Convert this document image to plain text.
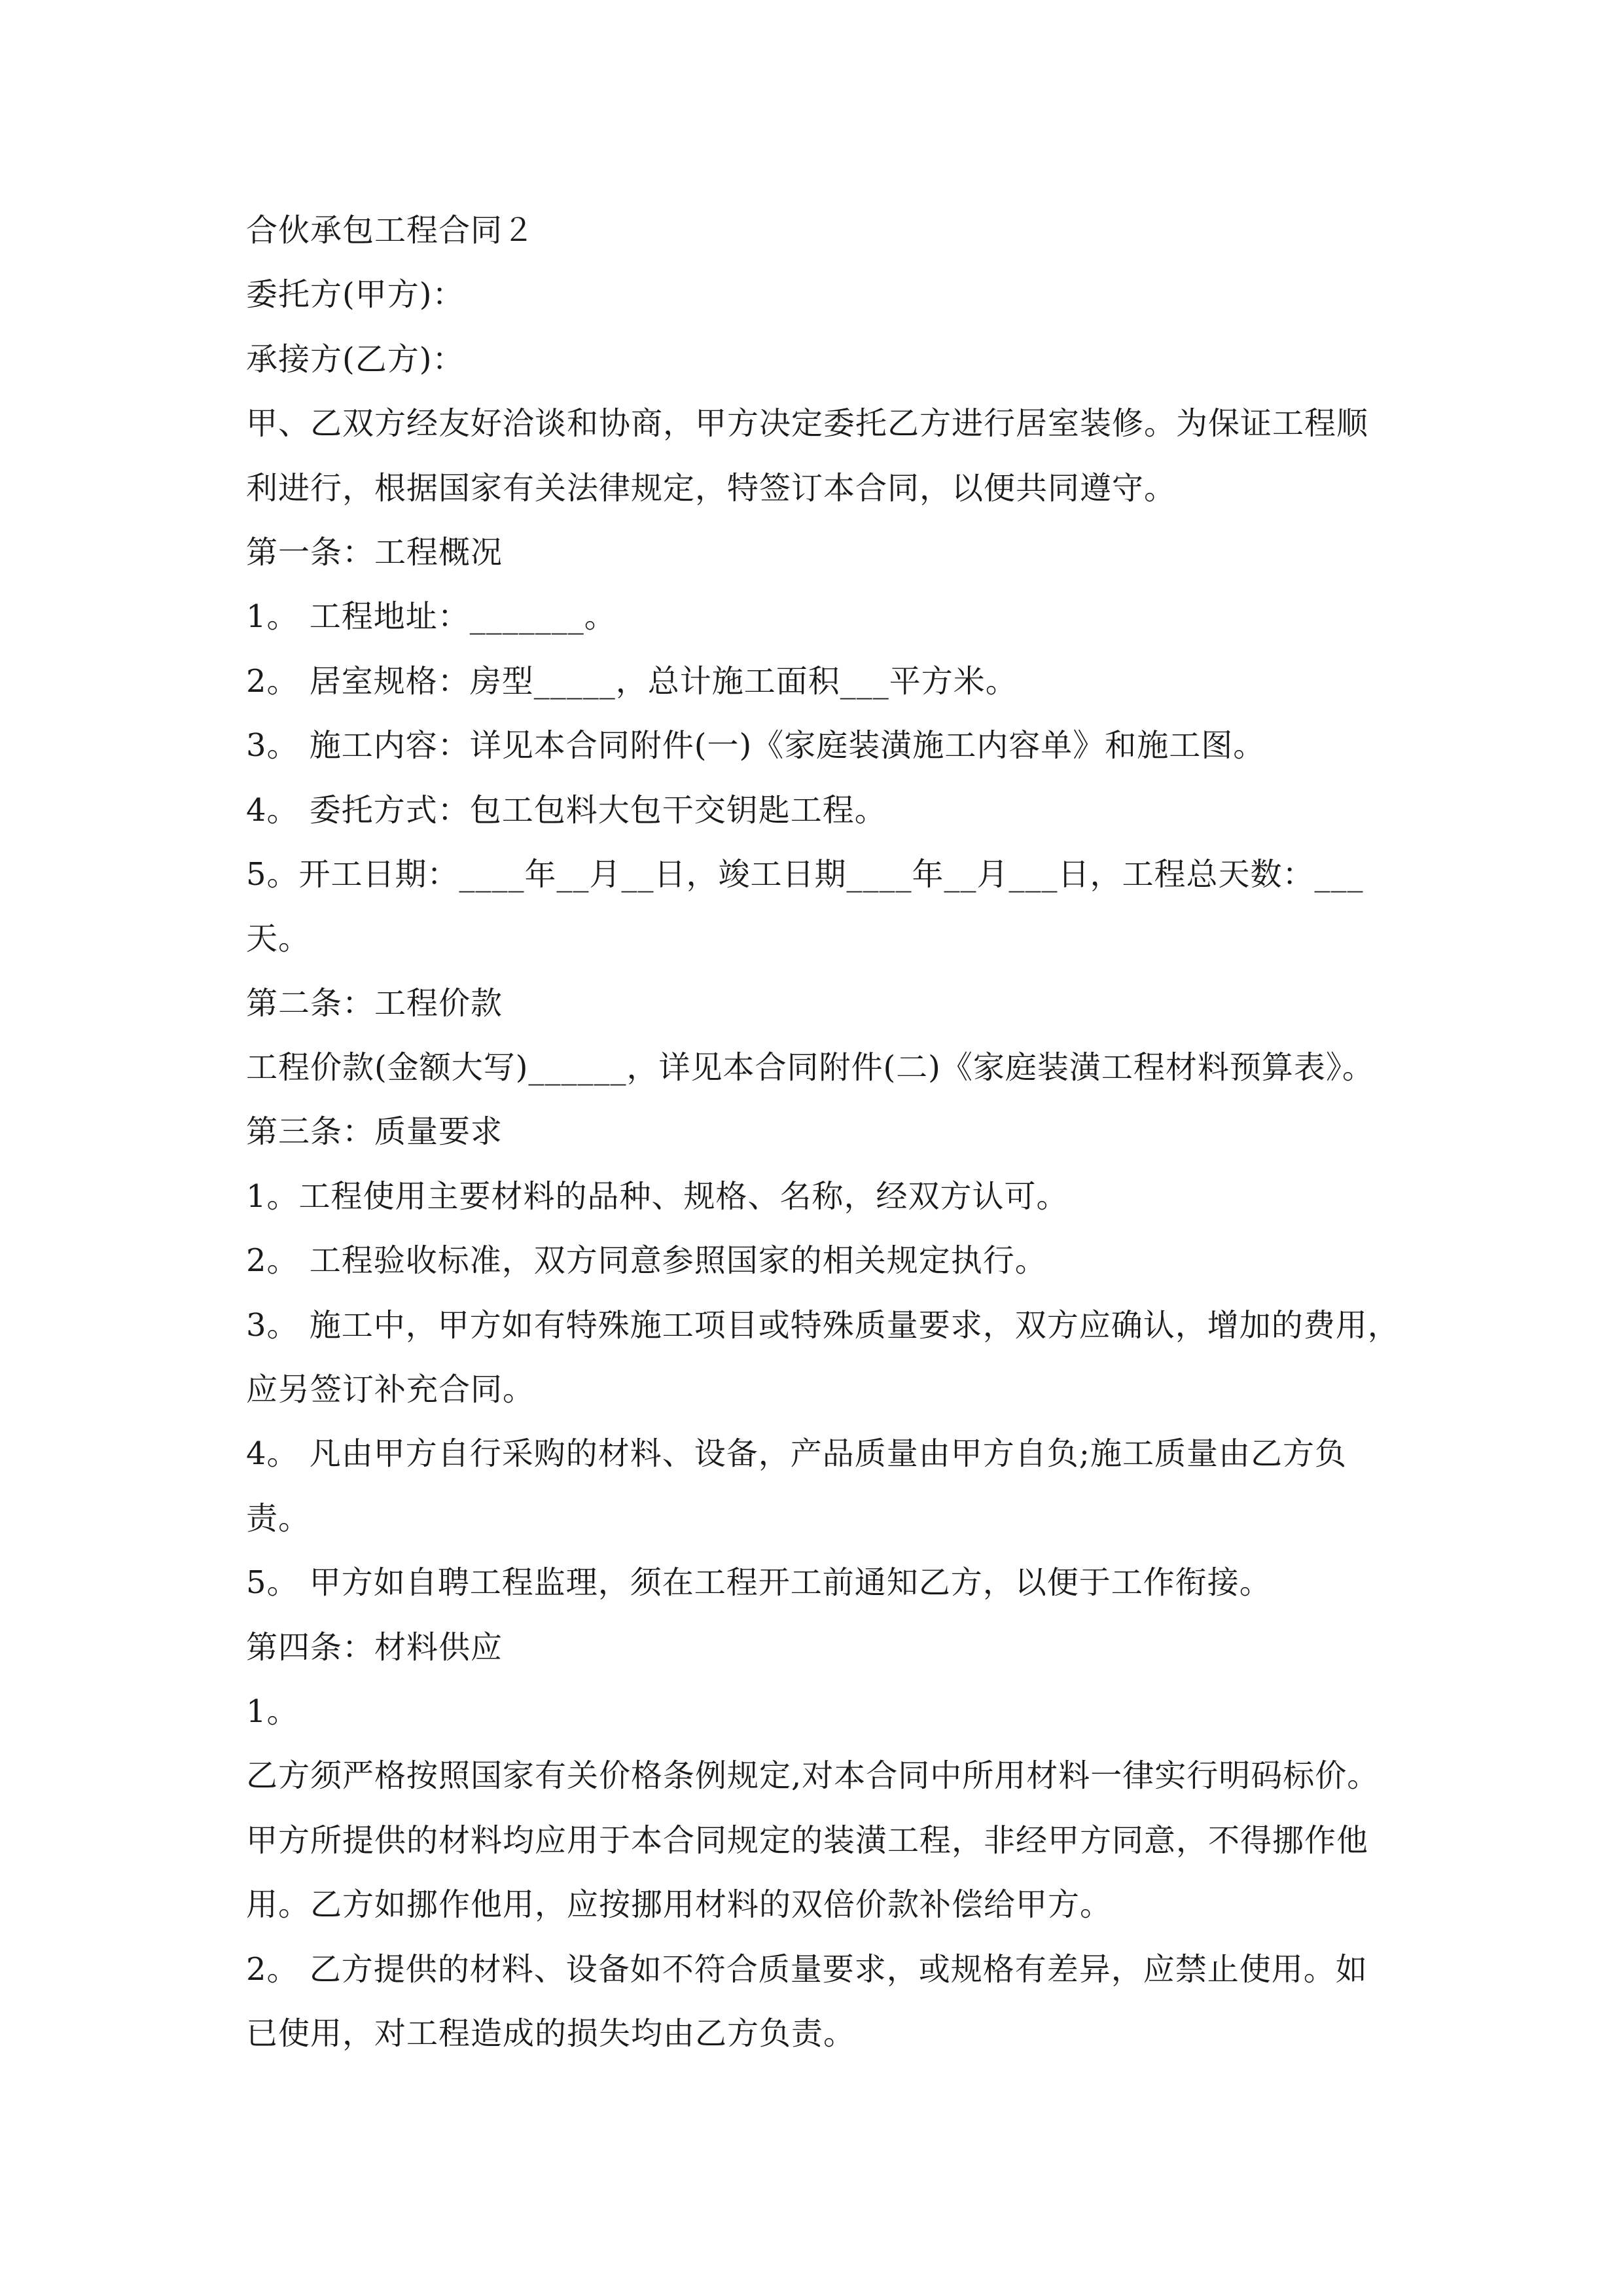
合伙承包工程合同２
委托方(甲方)：
承接方(乙方)：
甲、乙双方经友好洽谈和协商，甲方决定委托乙方进行居室装修。为保证工程顺
利进行，根据国家有关法律规定，特签订本合同，以便共同遵守。
第一条：工程概况
1。 工程地址：_______。
2。 居室规格：房型_____，总计施工面积___平方米。
3。 施工内容：详见本合同附件(一)《家庭装潢施工内容单》和施工图。
4。 委托方式：包工包料大包干交钥匙工程。
5。开工日期：____年__月__日，竣工日期____年__月___日，工程总天数：___
天。
第二条：工程价款
工程价款(金额大写)______，详见本合同附件(二)《家庭装潢工程材料预算表》。
第三条：质量要求
1。工程使用主要材料的品种、规格、名称，经双方认可。
2。 工程验收标准，双方同意参照国家的相关规定执行。
3。 施工中，甲方如有特殊施工项目或特殊质量要求，双方应确认，增加的费用，
应另签订补充合同。
4。 凡由甲方自行采购的材料、设备，产品质量由甲方自负;施工质量由乙方负
责。
5。 甲方如自聘工程监理，须在工程开工前通知乙方，以便于工作衔接。
第四条：材料供应
1。
乙方须严格按照国家有关价格条例规定,对本合同中所用材料一律实行明码标价。
甲方所提供的材料均应用于本合同规定的装潢工程，非经甲方同意，不得挪作他
用。乙方如挪作他用，应按挪用材料的双倍价款补偿给甲方。
2。 乙方提供的材料、设备如不符合质量要求，或规格有差异，应禁止使用。如
已使用，对工程造成的损失均由乙方负责。
